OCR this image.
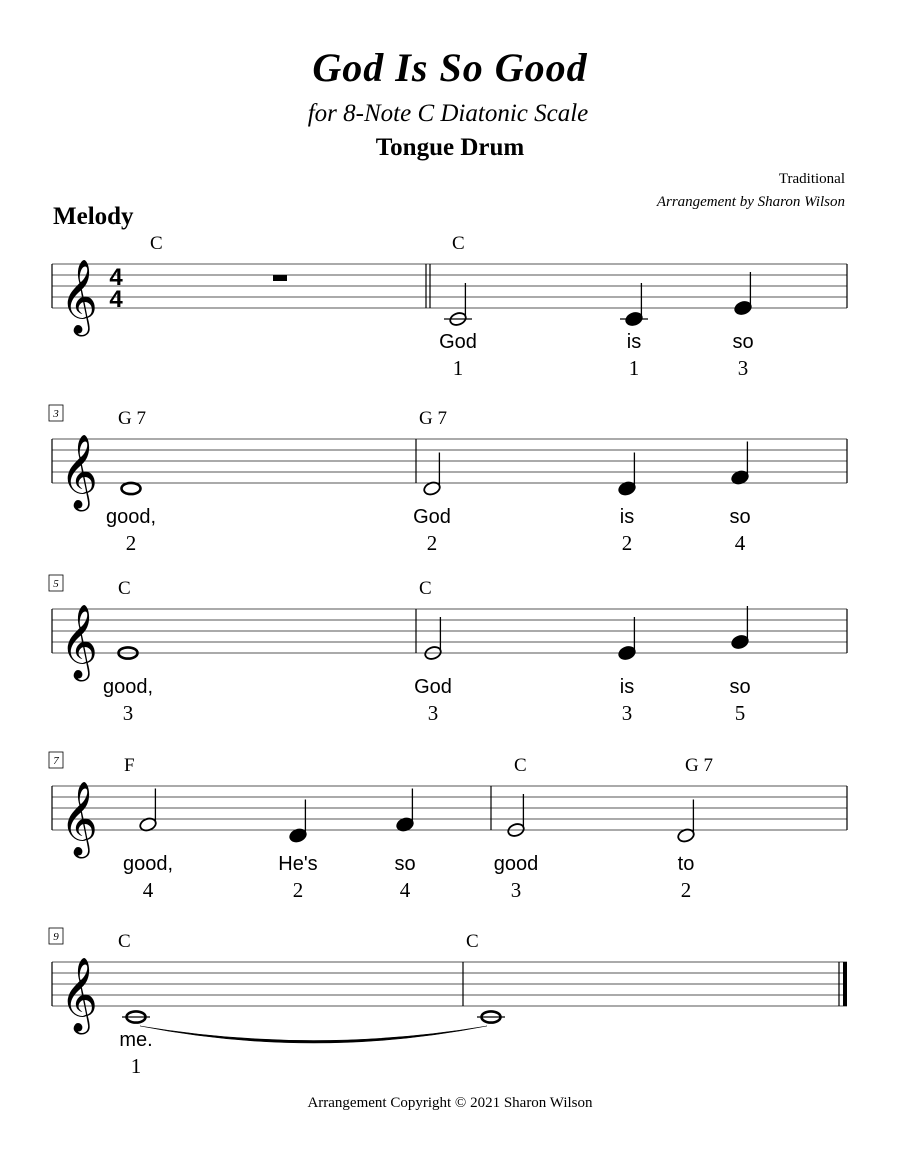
God Is So Good
for 8-Note C Diatonic Scale
Tongue Drum
Traditional
Arrangement by Sharon Wilson
Melody
𝄞 4
4
C	C
God
1
is
1
so
3
𝄞
3	G 7
good,
2
G 7
God
2
is
2
so
4
𝄞
5	C
good,
3
C
God
3
is
3
so
5
𝄞
7	F
good,
4
He's
2
so
4
C	G 7
good
3
to
2
𝄞
9	C
me.
1
C
Arrangement Copyright © 2021 Sharon Wilson
